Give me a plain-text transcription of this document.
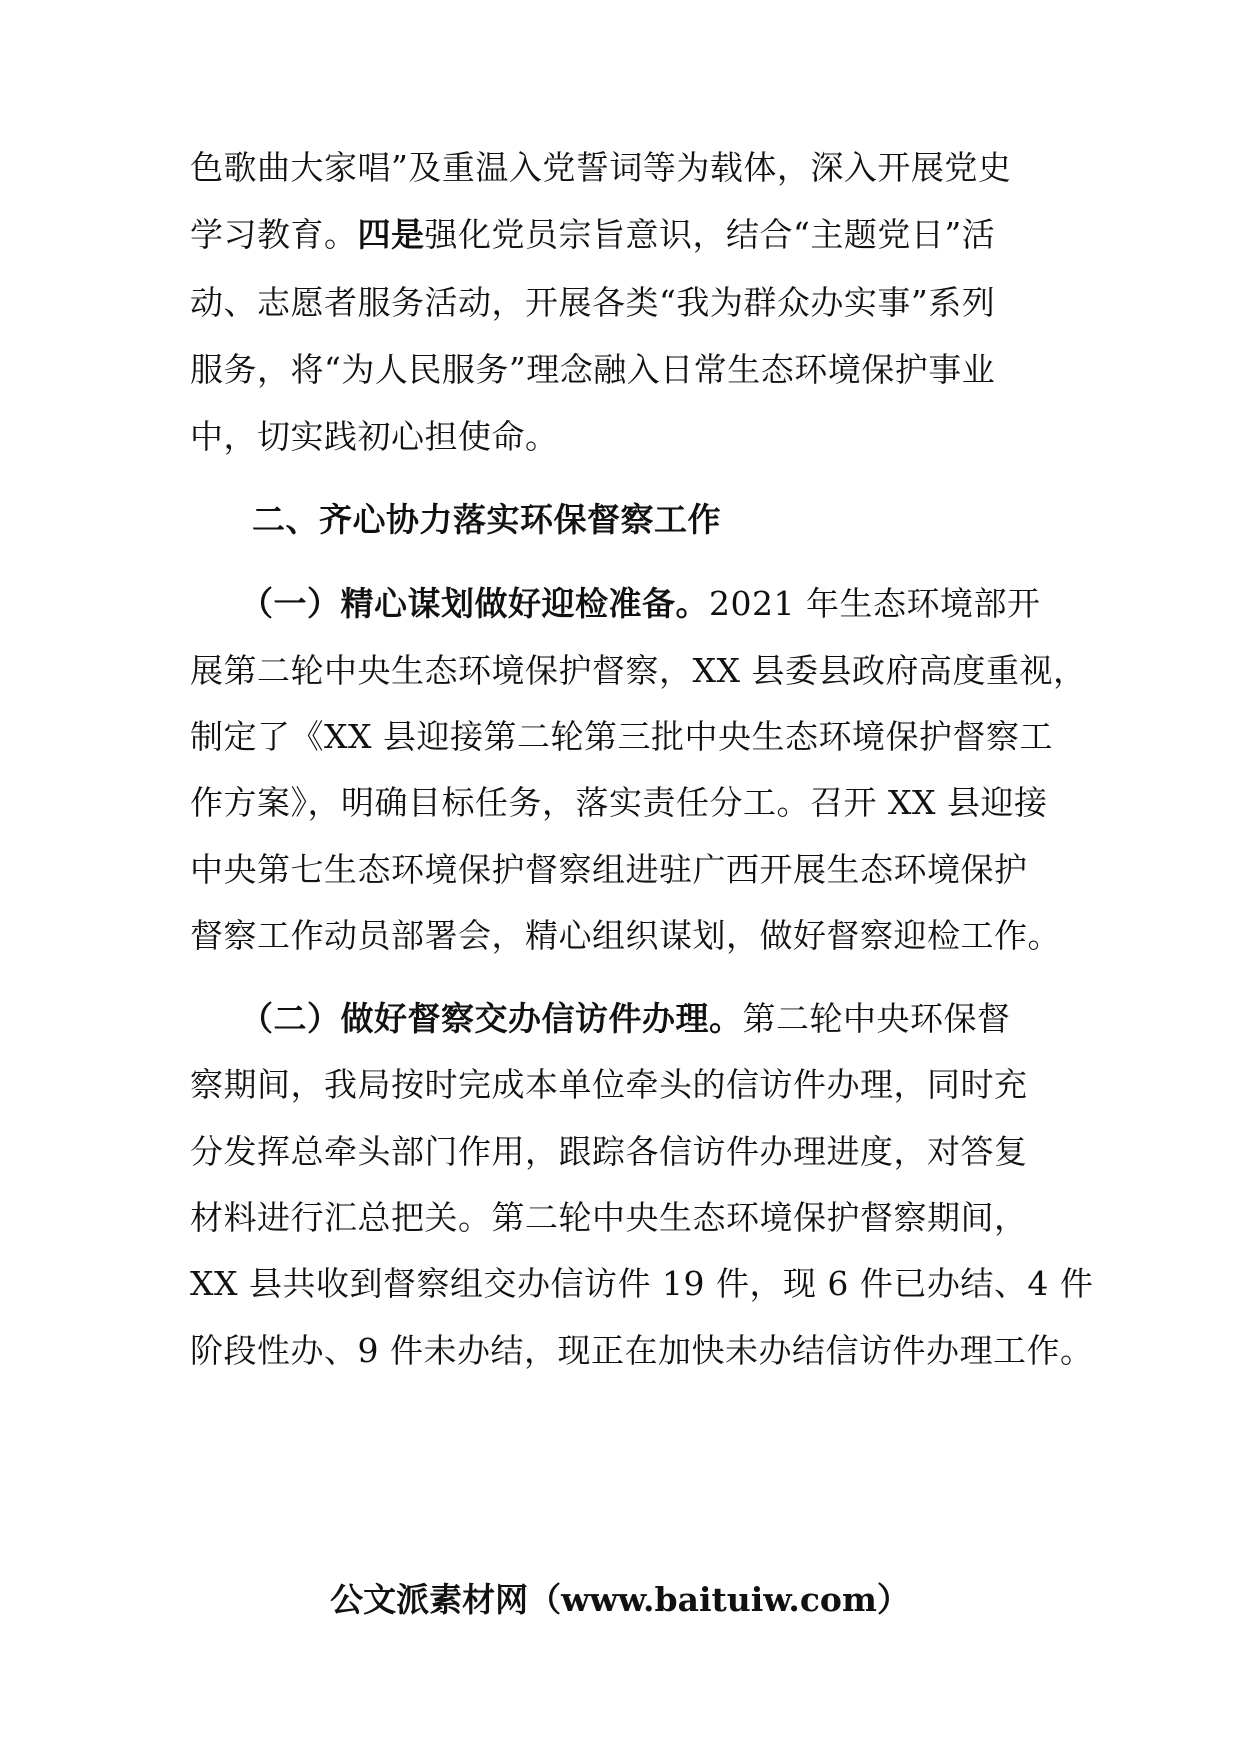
色歌曲大家唱”及重温入党誓词等为载体，深入开展党史
学习教育。四是强化党员宗旨意识，结合“主题党日”活
动、志愿者服务活动，开展各类“我为群众办实事”系列
服务，将“为人民服务”理念融入日常生态环境保护事业
中，切实践初心担使命。
二、齐心协力落实环保督察工作
（一）精心谋划做好迎检准备。2021 年生态环境部开
展第二轮中央生态环境保护督察，XX 县委县政府高度重视，
制定了《XX 县迎接第二轮第三批中央生态环境保护督察工
作方案》，明确目标任务，落实责任分工。召开 XX 县迎接
中央第七生态环境保护督察组进驻广西开展生态环境保护
督察工作动员部署会，精心组织谋划，做好督察迎检工作。
（二）做好督察交办信访件办理。第二轮中央环保督
察期间，我局按时完成本单位牵头的信访件办理，同时充
分发挥总牵头部门作用，跟踪各信访件办理进度，对答复
材料进行汇总把关。第二轮中央生态环境保护督察期间，
XX 县共收到督察组交办信访件 19 件，现 6 件已办结、4 件
阶段性办、9 件未办结，现正在加快未办结信访件办理工作。
公文派素材网（www.baituiw.com）
